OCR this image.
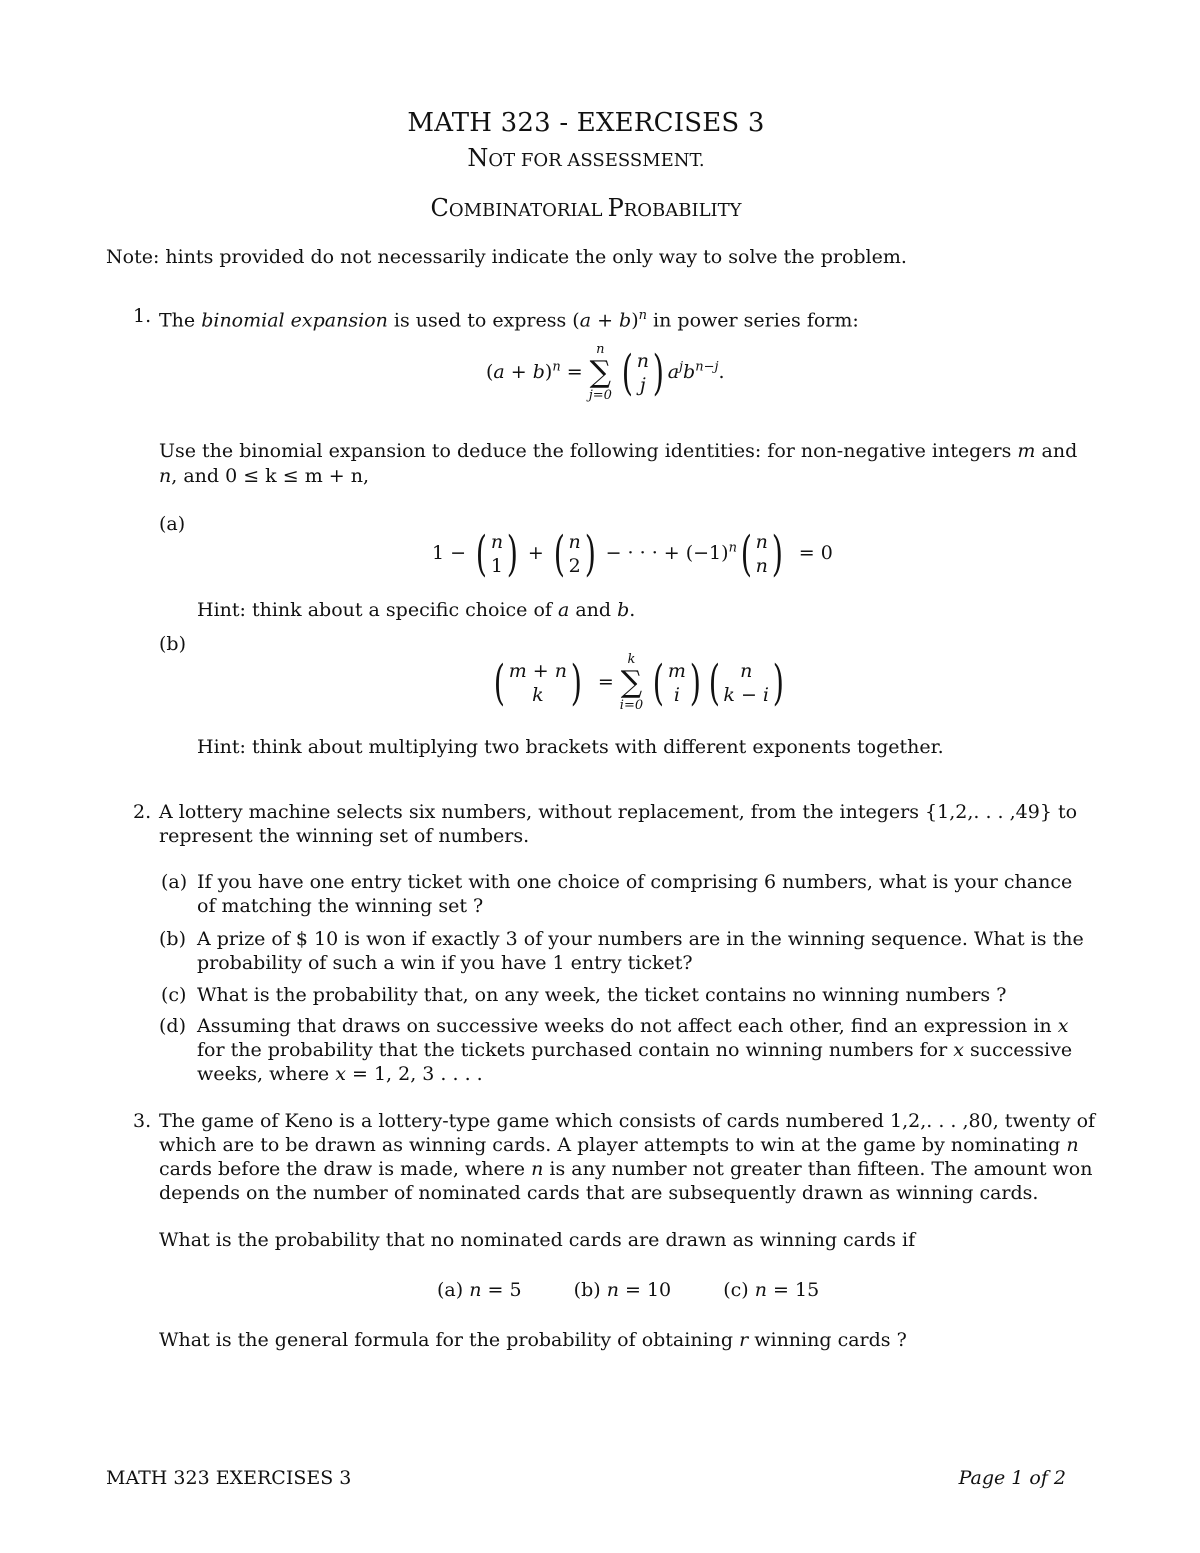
MATH 323 - EXERCISES 3
NOT FOR ASSESSMENT.
COMBINATORIAL PROBABILITY
Note: hints provided do not necessarily indicate the only way to solve the problem.
1. The binomial expansion is used to express $(a + b)^n$ in power series form:
$(a + b)^n$ =
n
∑
j=0 ( n
j ) $a^jb^{n-j}$.
Use the binomial expansion to deduce the following identities: for non-negative integers m and
n, and 0 ≤ k ≤ m + n,
(a)
1 − ( n
1) + ( n
2) − · · · + $(-1)^n$( n
n)  = 0
Hint: think about a specific choice of a and b.
(b)
( m + n
k )  =
k
∑
i=0 ( m
i ) ( n
k − i)
Hint: think about multiplying two brackets with different exponents together.
2. A lottery machine selects six numbers, without replacement, from the integers {1,2,. . . ,49} to
represent the winning set of numbers.
(a) If you have one entry ticket with one choice of comprising 6 numbers, what is your chance
of matching the winning set ?
(b) A prize of $ 10 is won if exactly 3 of your numbers are in the winning sequence. What is the
probability of such a win if you have 1 entry ticket?
(c) What is the probability that, on any week, the ticket contains no winning numbers ?
(d) Assuming that draws on successive weeks do not affect each other, find an expression in x
for the probability that the tickets purchased contain no winning numbers for x successive
weeks, where x = 1, 2, 3 . . . .
3. The game of Keno is a lottery-type game which consists of cards numbered 1,2,. . . ,80, twenty of
which are to be drawn as winning cards. A player attempts to win at the game by nominating n
cards before the draw is made, where n is any number not greater than fifteen. The amount won
depends on the number of nominated cards that are subsequently drawn as winning cards.
What is the probability that no nominated cards are drawn as winning cards if
(a) n = 5	(b) n = 10	(c) n = 15
What is the general formula for the probability of obtaining r winning cards ?
MATH 323 EXERCISES 3	Page 1 of 2
